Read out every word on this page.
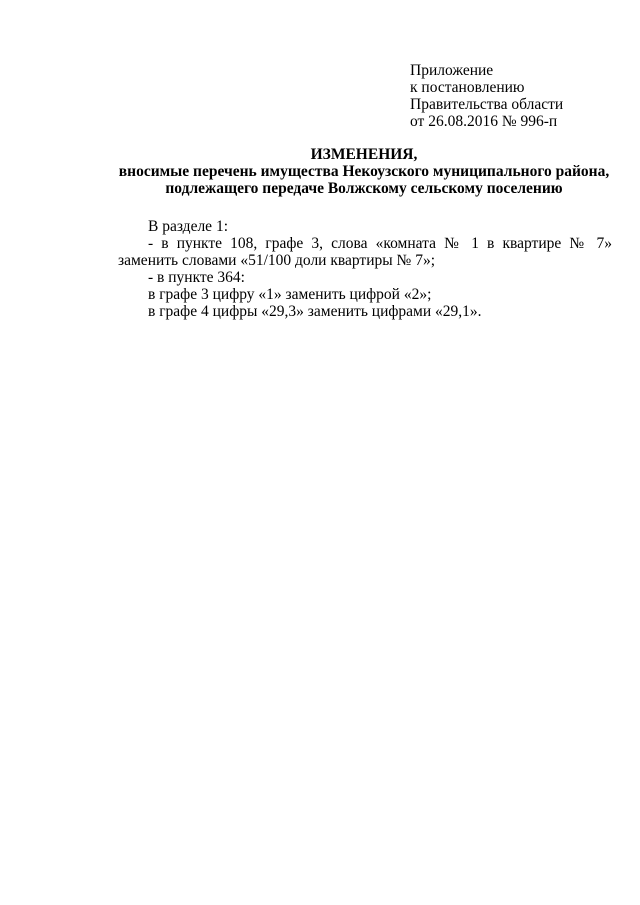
Приложение
к постановлению
Правительства области
от 26.08.2016 № 996-п
ИЗМЕНЕНИЯ,
вносимые перечень имущества Некоузского муниципального района,
подлежащего передаче Волжскому сельскому поселению

В разделе 1:

- в пункте 108, графе 3, слова «комната № 1 в квартире № 7» заменить словами «51/100 доли квартиры № 7»;

- в пункте 364:

в графе 3 цифру «1» заменить цифрой «2»;

в графе 4 цифры «29,3» заменить цифрами «29,1».
